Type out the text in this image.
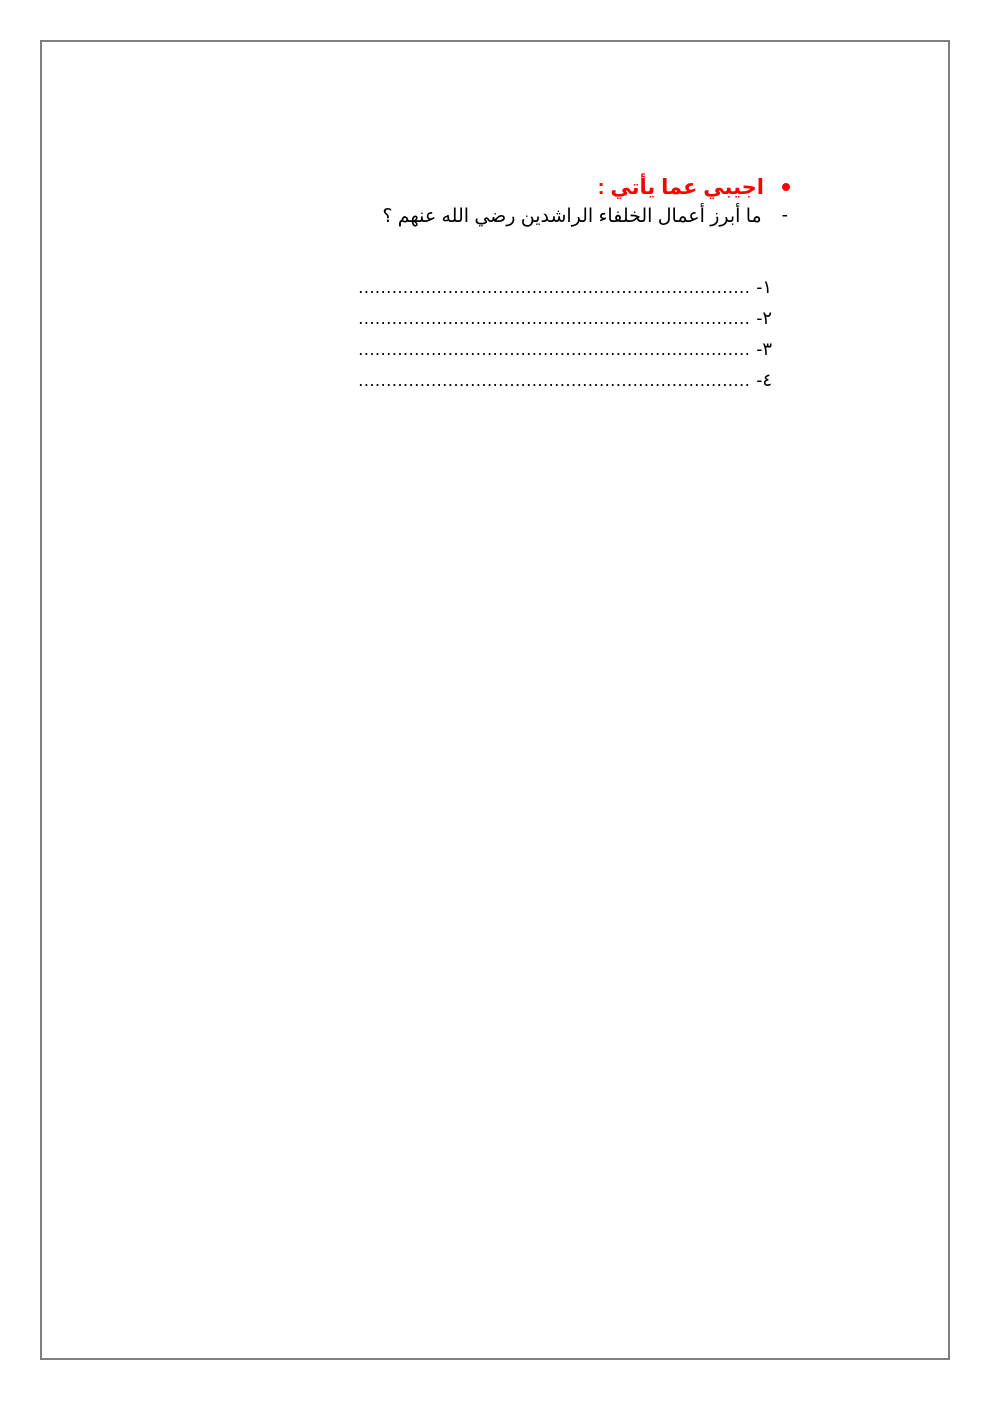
اجيبي عما يأتي :
-
ما أبرز أعمال الخلفاء الراشدين رضي الله عنهم ؟
١-
......................................................................
٢-
......................................................................
٣-
......................................................................
٤-
......................................................................
